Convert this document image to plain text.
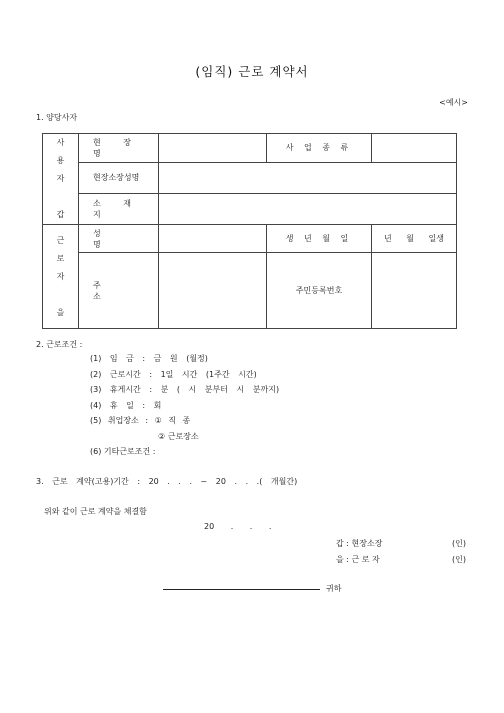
(임직) 근로 계약서
<예시>
1. 양당사자
사
용
자

갑	현 장 명		사 업 종 류	
	현장소장성명			
	소 재 지			

근
로
자

을	성 명		생 년 월 일	년 월 일생
	주 소		주민등록번호	
2. 근로조건 :
(1) 임 금 : 금 원 (월정)
(2) 근로시간 : 1일 시간 (1주간 시간)
(3) 휴게시간 : 분 ( 시 분부터 시 분까지)
(4) 휴 일 : 회
(5) 취업장소 : ① 직 종
② 근로장소
(6) 기타근로조건 :
3. 근로 계약(고용)기간 : 20 . . . ~ 20 . . .( 개월간)
위와 같이 근로 계약을 체결함
20 . . .
갑 : 현장소장	(인)
을 : 근 로 자	(인)
귀하
